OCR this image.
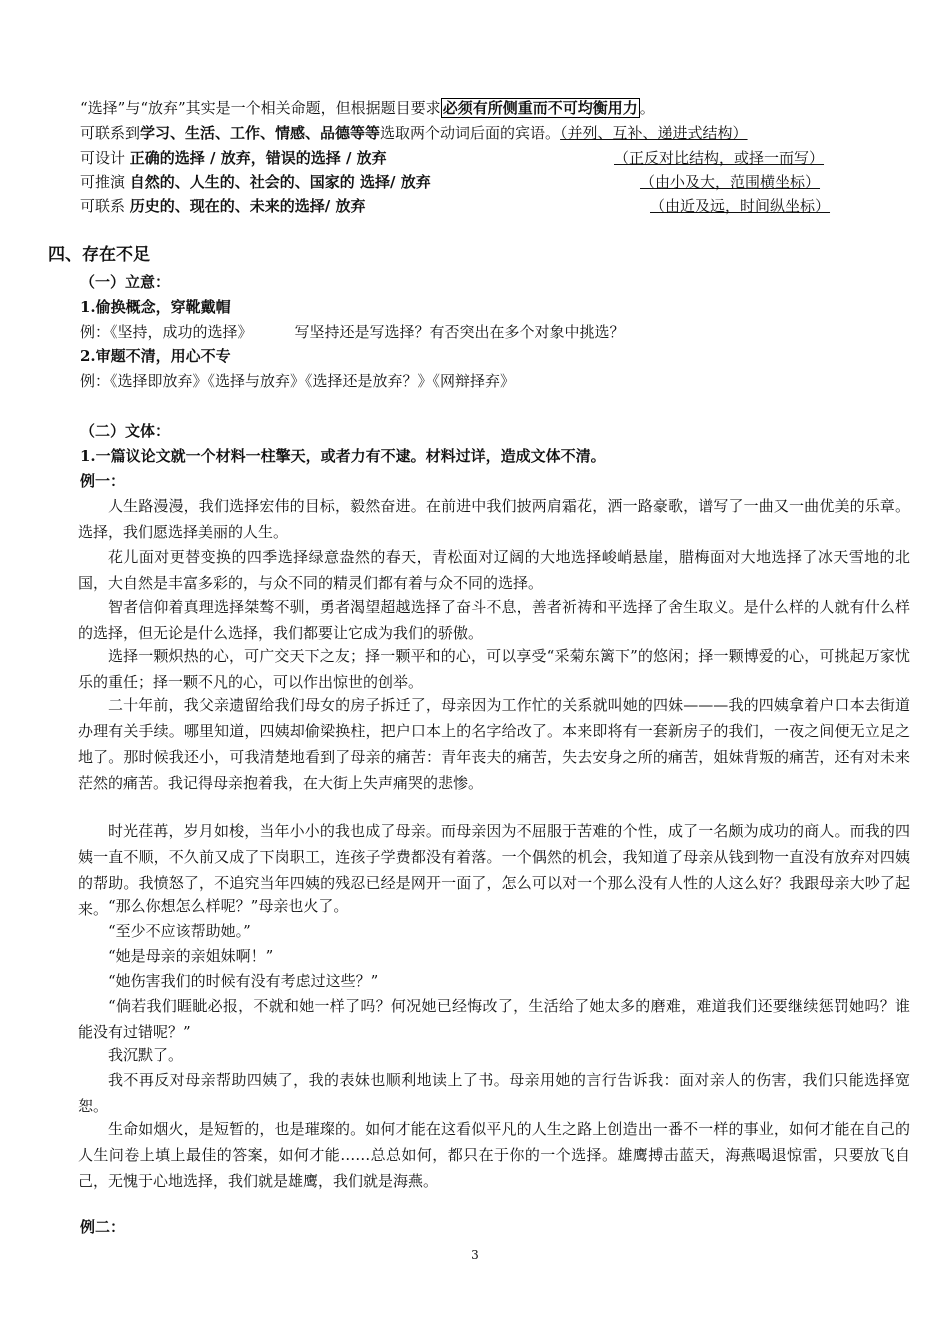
“选择”与“放弃”其实是一个相关命题，但根据题目要求 必须有所侧重而不可均衡用力 。
可联系到学习、生活、工作、情感、品德等等选取两个动词后面的宾语。（并列、互补、递进式结构）
可设计 正确的选择 / 放弃，错误的选择 / 放弃	（正反对比结构，或择一而写）
可推演 自然的、人生的、社会的、国家的 选择/ 放弃	（由小及大，范围横坐标）
可联系 历史的、现在的、未来的选择/ 放弃	（由近及远，时间纵坐标）
四、存在不足
（一）立意：
1.偷换概念，穿靴戴帽
例：《坚持，成功的选择》	写坚持还是写选择？有否突出在多个对象中挑选？
2.审题不清，用心不专
例：《选择即放弃》《选择与放弃》《选择还是放弃？》《网辩择弃》
（二）文体：
1.一篇议论文就一个材料一柱擎天，或者力有不逮。材料过详，造成文体不清。
例一：
人生路漫漫，我们选择宏伟的目标，毅然奋进。在前进中我们披两肩霜花，洒一路豪歌，谱写了一曲又一曲优美的乐章。选择，我们愿选择美丽的人生。
花儿面对更替变换的四季选择绿意盎然的春天，青松面对辽阔的大地选择峻峭悬崖，腊梅面对大地选择了冰天雪地的北国，大自然是丰富多彩的，与众不同的精灵们都有着与众不同的选择。
智者信仰着真理选择桀骜不驯，勇者渴望超越选择了奋斗不息，善者祈祷和平选择了舍生取义。是什么样的人就有什么样的选择，但无论是什么选择，我们都要让它成为我们的骄傲。
选择一颗炽热的心，可广交天下之友；择一颗平和的心，可以享受“采菊东篱下”的悠闲；择一颗博爱的心，可挑起万家忧乐的重任；择一颗不凡的心，可以作出惊世的创举。
二十年前，我父亲遗留给我们母女的房子拆迁了，母亲因为工作忙的关系就叫她的四妹———我的四姨拿着户口本去街道办理有关手续。哪里知道，四姨却偷梁换柱，把户口本上的名字给改了。本来即将有一套新房子的我们，一夜之间便无立足之地了。那时候我还小，可我清楚地看到了母亲的痛苦：青年丧夫的痛苦，失去安身之所的痛苦，姐妹背叛的痛苦，还有对未来茫然的痛苦。我记得母亲抱着我，在大街上失声痛哭的悲惨。
时光荏苒，岁月如梭，当年小小的我也成了母亲。而母亲因为不屈服于苦难的个性，成了一名颇为成功的商人。而我的四姨一直不顺，不久前又成了下岗职工，连孩子学费都没有着落。一个偶然的机会，我知道了母亲从钱到物一直没有放弃对四姨的帮助。我愤怒了，不追究当年四姨的残忍已经是网开一面了，怎么可以对一个那么没有人性的人这么好？我跟母亲大吵了起来。 “那么你想怎么样呢？”母亲也火了。
“至少不应该帮助她。”
“她是母亲的亲姐妹啊！”
“她伤害我们的时候有没有考虑过这些？”
“倘若我们睚眦必报，不就和她一样了吗？何况她已经悔改了，生活给了她太多的磨难，难道我们还要继续惩罚她吗？谁能没有过错呢？”
我沉默了。
我不再反对母亲帮助四姨了，我的表妹也顺利地读上了书。母亲用她的言行告诉我：面对亲人的伤害，我们只能选择宽恕。
生命如烟火，是短暂的，也是璀璨的。如何才能在这看似平凡的人生之路上创造出一番不一样的事业，如何才能在自己的人生问卷上填上最佳的答案，如何才能……总总如何，都只在于你的一个选择。雄鹰搏击蓝天，海燕喝退惊雷，只要放飞自己，无愧于心地选择，我们就是雄鹰，我们就是海燕。
例二：
3
